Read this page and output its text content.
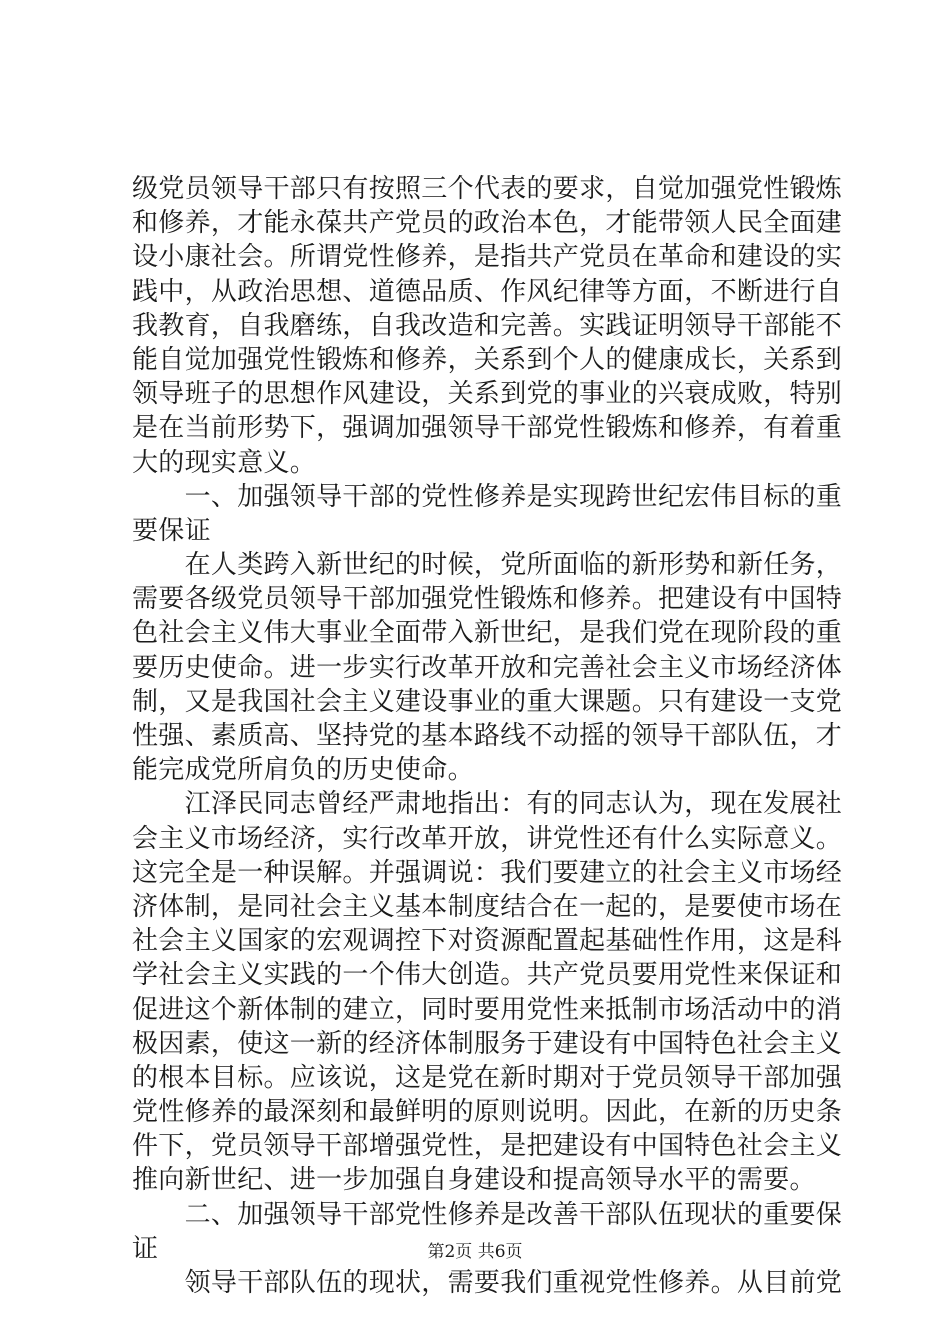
级党员领导干部只有按照三个代表的要求，自觉加强党性锻炼
和修养，才能永葆共产党员的政治本色，才能带领人民全面建
设小康社会。所谓党性修养，是指共产党员在革命和建设的实
践中，从政治思想、道德品质、作风纪律等方面，不断进行自
我教育，自我磨练，自我改造和完善。实践证明领导干部能不
能自觉加强党性锻炼和修养，关系到个人的健康成长，关系到
领导班子的思想作风建设，关系到党的事业的兴衰成败，特别
是在当前形势下，强调加强领导干部党性锻炼和修养，有着重
大的现实意义。
　　一、加强领导干部的党性修养是实现跨世纪宏伟目标的重
要保证
　　在人类跨入新世纪的时候，党所面临的新形势和新任务，
需要各级党员领导干部加强党性锻炼和修养。把建设有中国特
色社会主义伟大事业全面带入新世纪，是我们党在现阶段的重
要历史使命。进一步实行改革开放和完善社会主义市场经济体
制，又是我国社会主义建设事业的重大课题。只有建设一支党
性强、素质高、坚持党的基本路线不动摇的领导干部队伍，才
能完成党所肩负的历史使命。
　　江泽民同志曾经严肃地指出：有的同志认为，现在发展社
会主义市场经济，实行改革开放，讲党性还有什么实际意义。
这完全是一种误解。并强调说：我们要建立的社会主义市场经
济体制，是同社会主义基本制度结合在一起的，是要使市场在
社会主义国家的宏观调控下对资源配置起基础性作用，这是科
学社会主义实践的一个伟大创造。共产党员要用党性来保证和
促进这个新体制的建立，同时要用党性来抵制市场活动中的消
极因素，使这一新的经济体制服务于建设有中国特色社会主义
的根本目标。应该说，这是党在新时期对于党员领导干部加强
党性修养的最深刻和最鲜明的原则说明。因此，在新的历史条
件下，党员领导干部增强党性，是把建设有中国特色社会主义
推向新世纪、进一步加强自身建设和提高领导水平的需要。
　　二、加强领导干部党性修养是改善干部队伍现状的重要保
证
　　领导干部队伍的现状，需要我们重视党性修养。从目前党
第2页 共6页
